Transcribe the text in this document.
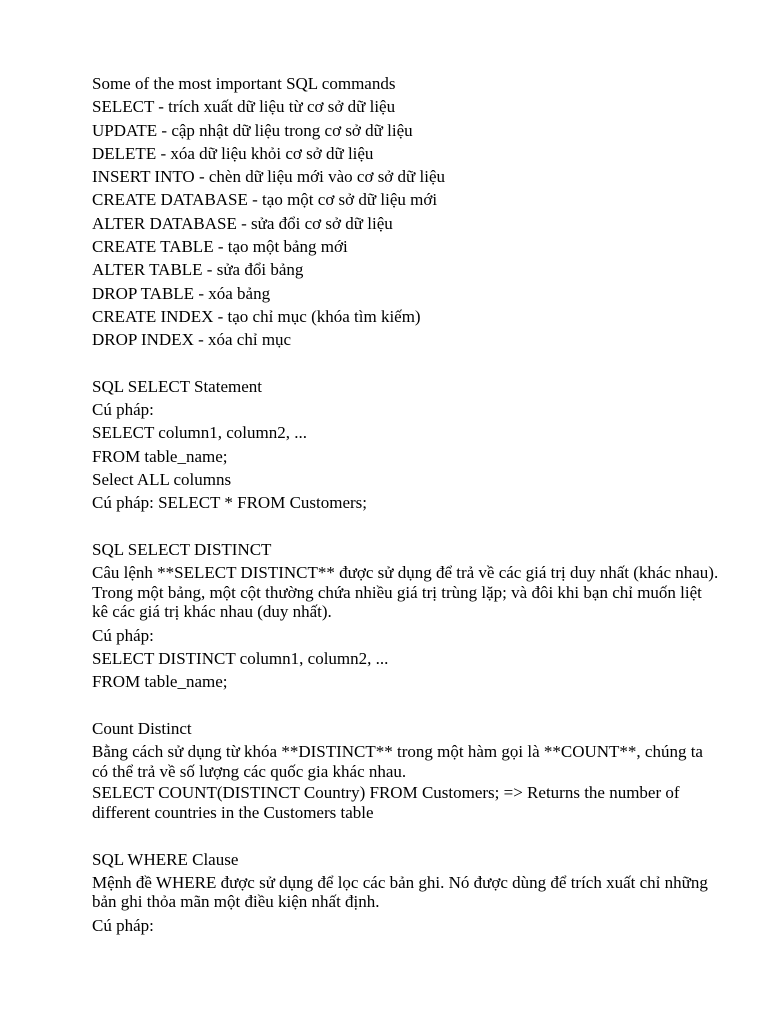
Some of the most important SQL commands
SELECT - trích xuất dữ liệu từ cơ sở dữ liệu
UPDATE - cập nhật dữ liệu trong cơ sở dữ liệu
DELETE - xóa dữ liệu khỏi cơ sở dữ liệu
INSERT INTO - chèn dữ liệu mới vào cơ sở dữ liệu
CREATE DATABASE - tạo một cơ sở dữ liệu mới
ALTER DATABASE - sửa đổi cơ sở dữ liệu
CREATE TABLE - tạo một bảng mới
ALTER TABLE - sửa đổi bảng
DROP TABLE - xóa bảng
CREATE INDEX - tạo chỉ mục (khóa tìm kiếm)
DROP INDEX - xóa chỉ mục
SQL SELECT Statement
Cú pháp:
SELECT column1, column2, ...
FROM table_name;
Select ALL columns
Cú pháp: SELECT * FROM Customers;
SQL SELECT DISTINCT
Câu lệnh **SELECT DISTINCT** được sử dụng để trả về các giá trị duy nhất (khác nhau). Trong một bảng, một cột thường chứa nhiều giá trị trùng lặp; và đôi khi bạn chỉ muốn liệt kê các giá trị khác nhau (duy nhất).
Cú pháp:
SELECT DISTINCT column1, column2, ...
FROM table_name;
Count Distinct
Bằng cách sử dụng từ khóa **DISTINCT** trong một hàm gọi là **COUNT**, chúng ta có thể trả về số lượng các quốc gia khác nhau.
SELECT COUNT(DISTINCT Country) FROM Customers; => Returns the number of different countries in the Customers table
SQL WHERE Clause
Mệnh đề WHERE được sử dụng để lọc các bản ghi. Nó được dùng để trích xuất chỉ những bản ghi thỏa mãn một điều kiện nhất định.
Cú pháp:
